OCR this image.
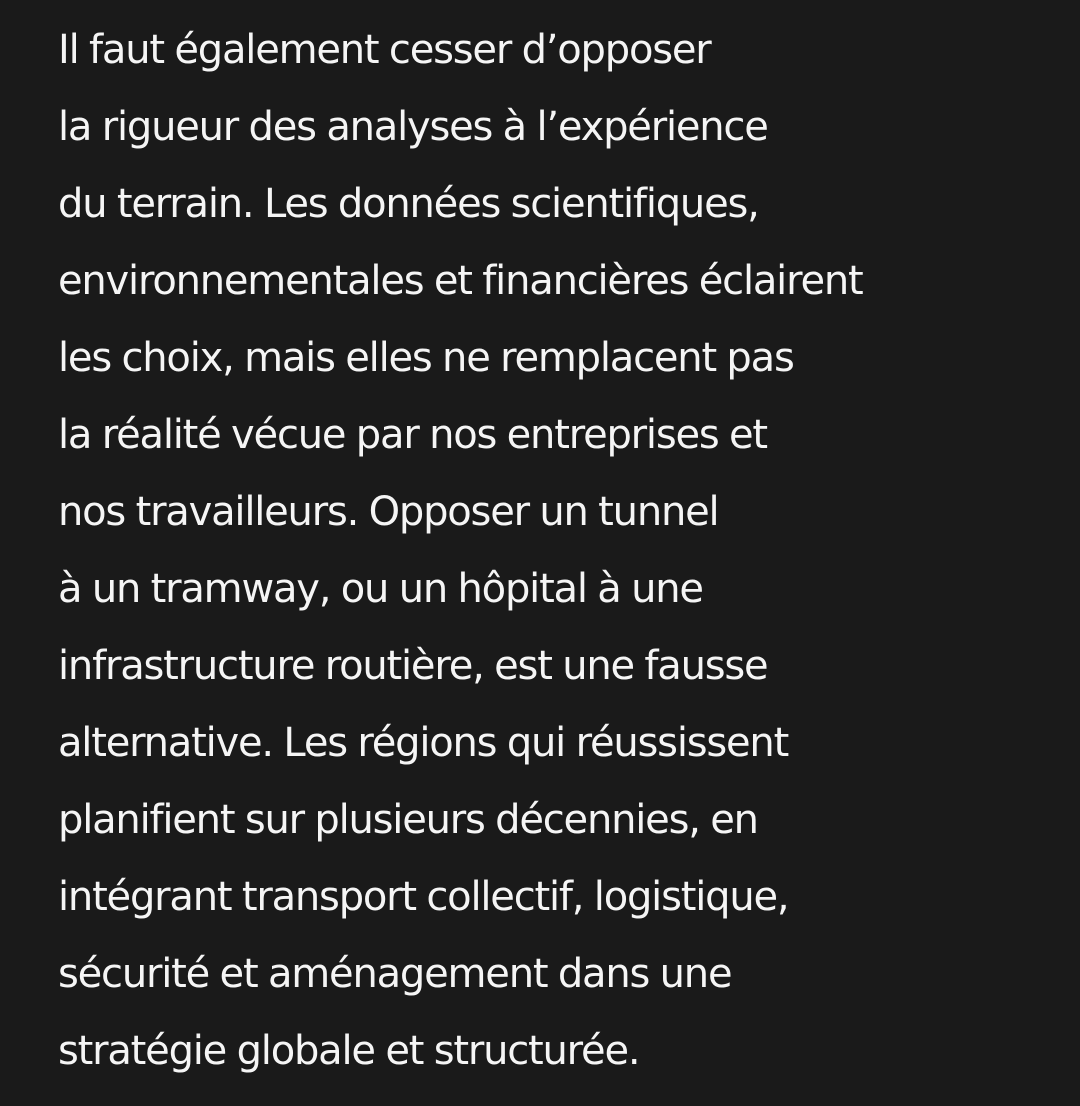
Il faut également cesser d’opposer
la rigueur des analyses à l’expérience
du terrain. Les données scientifiques,
environnementales et financières éclairent
les choix, mais elles ne remplacent pas
la réalité vécue par nos entreprises et
nos travailleurs. Opposer un tunnel
à un tramway, ou un hôpital à une
infrastructure routière, est une fausse
alternative. Les régions qui réussissent
planifient sur plusieurs décennies, en
intégrant transport collectif, logistique,
sécurité et aménagement dans une
stratégie globale et structurée.
